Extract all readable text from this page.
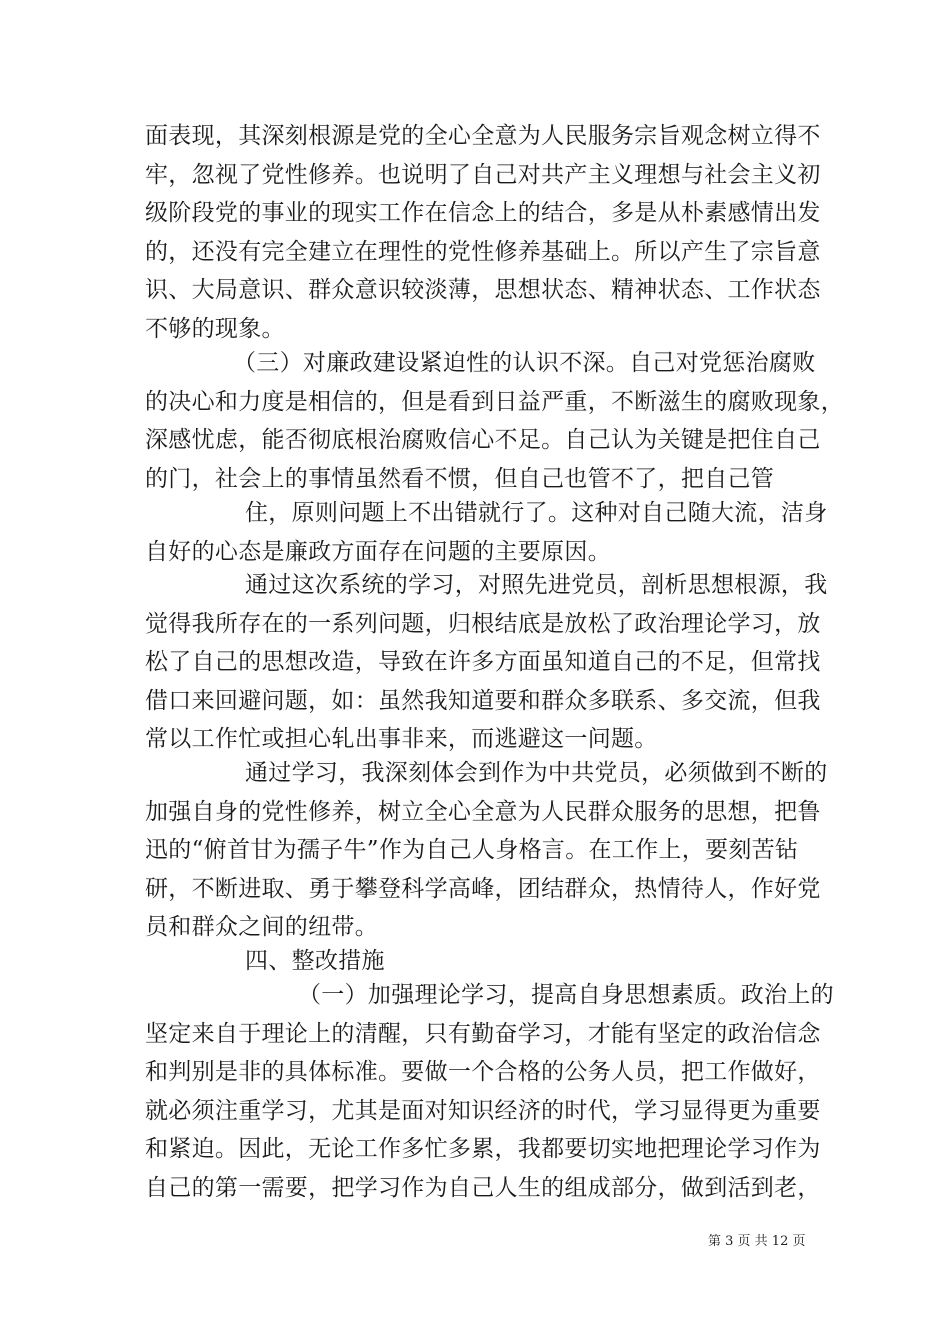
面表现，其深刻根源是党的全心全意为人民服务宗旨观念树立得不
牢，忽视了党性修养。也说明了自己对共产主义理想与社会主义初
级阶段党的事业的现实工作在信念上的结合，多是从朴素感情出发
的，还没有完全建立在理性的党性修养基础上。所以产生了宗旨意
识、大局意识、群众意识较淡薄，思想状态、精神状态、工作状态
不够的现象。
（三）对廉政建设紧迫性的认识不深。自己对党惩治腐败
的决心和力度是相信的，但是看到日益严重，不断滋生的腐败现象，
深感忧虑，能否彻底根治腐败信心不足。自己认为关键是把住自己
的门，社会上的事情虽然看不惯，但自己也管不了，把自己管
住，原则问题上不出错就行了。这种对自己随大流，洁身
自好的心态是廉政方面存在问题的主要原因。
通过这次系统的学习，对照先进党员，剖析思想根源，我
觉得我所存在的一系列问题，归根结底是放松了政治理论学习，放
松了自己的思想改造，导致在许多方面虽知道自己的不足，但常找
借口来回避问题，如：虽然我知道要和群众多联系、多交流，但我
常以工作忙或担心轧出事非来，而逃避这一问题。
通过学习，我深刻体会到作为中共党员，必须做到不断的
加强自身的党性修养，树立全心全意为人民群众服务的思想，把鲁
迅的“俯首甘为孺子牛”作为自己人身格言。在工作上，要刻苦钻
研，不断进取、勇于攀登科学高峰，团结群众，热情待人，作好党
员和群众之间的纽带。
四、整改措施
（一）加强理论学习，提高自身思想素质。政治上的
坚定来自于理论上的清醒，只有勤奋学习，才能有坚定的政治信念
和判别是非的具体标准。要做一个合格的公务人员，把工作做好，
就必须注重学习，尤其是面对知识经济的时代，学习显得更为重要
和紧迫。因此，无论工作多忙多累，我都要切实地把理论学习作为
自己的第一需要，把学习作为自己人生的组成部分，做到活到老，
第 3 页 共 12 页
